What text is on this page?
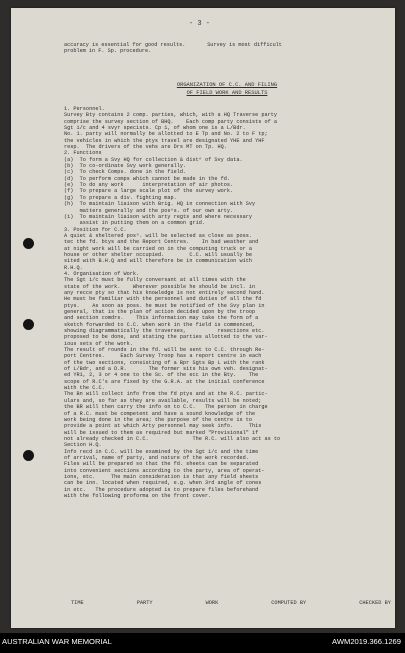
- 3 -
accuracy is essential for good results.       Survey is most difficult
problem in F. Sp. procedure.
ORGANIZATION OF C.C. AND FILING
OF FIELD WORK AND RESULTS
1. Personnel.
Survey Bty contains 2 comp. parties, which, with a HQ Traverse party
comprise the survey section of BHQ.    Each comp party consists of a
Sgt i/c and 4 svyr specists. Cp 1, of whom one is a L/Bdr.
No. 1. party will normally be allotted to E Tp and No. 2 to F tp;
the vehicles in which the ptys travel are designated YHE and YHF
resp.  The drivers of the vehs are Drs MT on Tp. HQ.
2. Functions
(a)  To form a Svy HQ for collection & distⁿ of Svy data.
(b)  To co-ordinate Svy work generally.
(c)  To check Comps. done in the field.
(d)  To perform comps which cannot be made in the fd.
(e)  To do any work      interpretation of air photos.
(f)  To prepare a large scale plot of the survey work.
(g)  To prepare a div. fighting map.
(h)  To maintain liaison with Brig. HQ in connection with Svy
matters generally and the posⁿs. of our own arty.
(i)  To maintain liaison with arty regts and where necessary
assist in putting them on a common grid.
3. Position for C.C.
A quiet & sheltered posⁿ. will be selected as close as poss.
tec the fd. btys and the Report Centres.    In bad weather and
at night work will be carried on in the computing truck or a
house or other shelter occupied.        C.C. will usually be
sited with B.H.Q and will therefore be in communication with
R.H.Q.
4. Organisation of Work.
The Sgt i/c must be fully conversant at all times with the
state of the work.    Wherever possible he should be incl. in
any recce pty so that his knowledge is not entirely second hand.
He must be familiar with the personnel and duties of all the fd
ptys.    As soon as poss. he must be notified of the Svy plan in
general, that is the plan of action decided upon by the troop
and section comdrs.    This information may take the form of a
sketch forwarded to C.C. when work in the field is commenced,
showing diagrammatically the traverses,          resections etc.
proposed to be done, and stating the parties allotted to the var-
ious sets of the work.
The result of rounds in the fd. will be sent to C.C. through Re-
port Centres.     Each Survey Troop has a report centre in each
of the two sections, consisting of a Bpr Sgts Bp L with the rank
of L/Bdr, and a D.R.       The former sits his own veh. designat-
ed YR1, 2, 3 or 4 one to the Sc. of the ecc in the Bty.    The
scope of R.C's are fixed by the G.R.A. at the initial conference
with the C.C.
The Bn will collect info from the fd ptys and at the R.C. partic-
ulars and, so far as they are available, results will be noted;
the BR will then carry the info on to C.C.   The person in charge
of a R.C. must be competent and have a sound knowledge of the
work being done in the area; the purpose of the centre is to
provide a point at which Arty personnel may seek info.     This
will be issued to them as required but marked "Provisional" if
not already checked in C.C.              The R.C. will also act as to
Section H.Q.
Info recd in C.C. will be examined by the Sgt i/c and the time
of arrival, name of party, and nature of the work recorded.
Files will be prepared so that the fd. sheets can be separated
into convenient sections according to the party, area of operat-
ions, etc.     The main consideration is that any field sheets
can be inn. located when required, e.g. when 3rd angle of cones
in etc.   The procedure adopted is to prepare files beforehand
with the following proforma on the front cover.
TIME	PARTY	WORK	COMPUTED BY	CHECKED BY
AUSTRALIAN WAR MEMORIAL	AWM2019.366.1269
